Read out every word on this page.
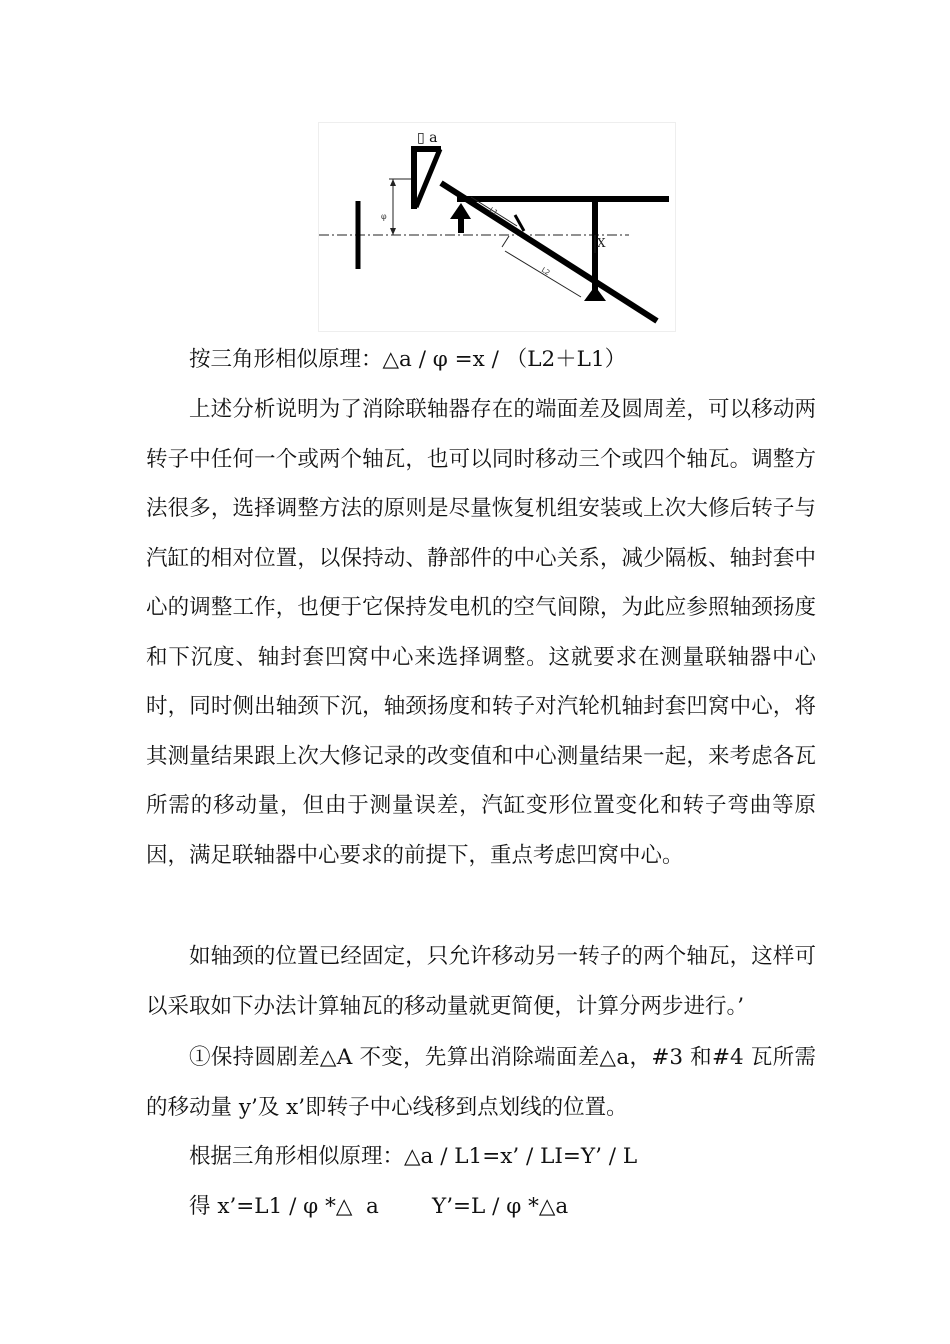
▯ a
φ	L1
L2
X

按三角形相似原理：△a / φ =x / （L2＋L1）

上述分析说明为了消除联轴器存在的端面差及圆周差，可以移动两转子中任何一个或两个轴瓦，也可以同时移动三个或四个轴瓦。调整方法很多，选择调整方法的原则是尽量恢复机组安装或上次大修后转子与汽缸的相对位置，以保持动、静部件的中心关系，减少隔板、轴封套中心的调整工作，也便于它保持发电机的空气间隙，为此应参照轴颈扬度和下沉度、轴封套凹窝中心来选择调整。这就要求在测量联轴器中心时，同时侧出轴颈下沉，轴颈扬度和转子对汽轮机轴封套凹窝中心，将其测量结果跟上次大修记录的改变值和中心测量结果一起，来考虑各瓦所需的移动量，但由于测量误差，汽缸变形位置变化和转子弯曲等原因，满足联轴器中心要求的前提下，重点考虑凹窝中心。

如轴颈的位置已经固定，只允许移动另一转子的两个轴瓦，这样可以采取如下办法计算轴瓦的移动量就更简便，计算分两步进行。’

①保持圆剧差△A 不变，先算出消除端面差△a，#3 和#4 瓦所需的移动量 y’及 x’即转子中心线移到点划线的位置。

根据三角形相似原理：△a / L1=x’ / LI=Y’ / L

得 x’=L1 / φ *△  a Y’=L / φ *△a
